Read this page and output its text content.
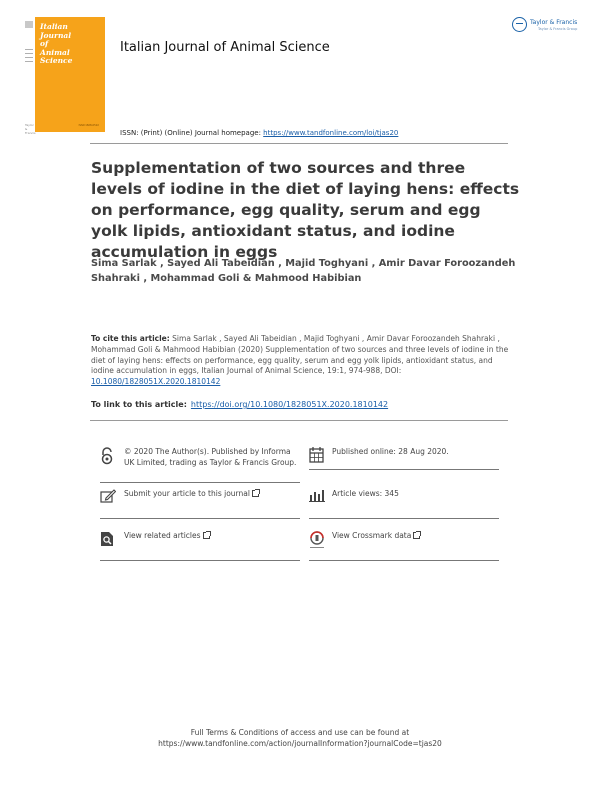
Taylor & Francis
Italian
Journal
of
Animal
Science
ISSN 1828-051X
Italian Journal of Animal Science
Taylor & Francis
Taylor & Francis Group
ISSN: (Print) (Online) Journal homepage: https://www.tandfonline.com/loi/tjas20
Supplementation of two sources and three levels of iodine in the diet of laying hens: effects on performance, egg quality, serum and egg yolk lipids, antioxidant status, and iodine accumulation in eggs
Sima Sarlak , Sayed Ali Tabeidian , Majid Toghyani , Amir Davar Foroozandeh Shahraki , Mohammad Goli & Mahmood Habibian
To cite this article: Sima Sarlak , Sayed Ali Tabeidian , Majid Toghyani , Amir Davar Foroozandeh Shahraki , Mohammad Goli & Mahmood Habibian (2020) Supplementation of two sources and three levels of iodine in the diet of laying hens: effects on performance, egg quality, serum and egg yolk lipids, antioxidant status, and iodine accumulation in eggs, Italian Journal of Animal Science, 19:1, 974-988, DOI: 10.1080/1828051X.2020.1810142
To link to this article: https://doi.org/10.1080/1828051X.2020.1810142
© 2020 The Author(s). Published by Informa UK Limited, trading as Taylor & Francis Group.
Published online: 28 Aug 2020.
Submit your article to this journal	Article views: 345
View related articles	View Crossmark data
Full Terms & Conditions of access and use can be found at
https://www.tandfonline.com/action/journalInformation?journalCode=tjas20
